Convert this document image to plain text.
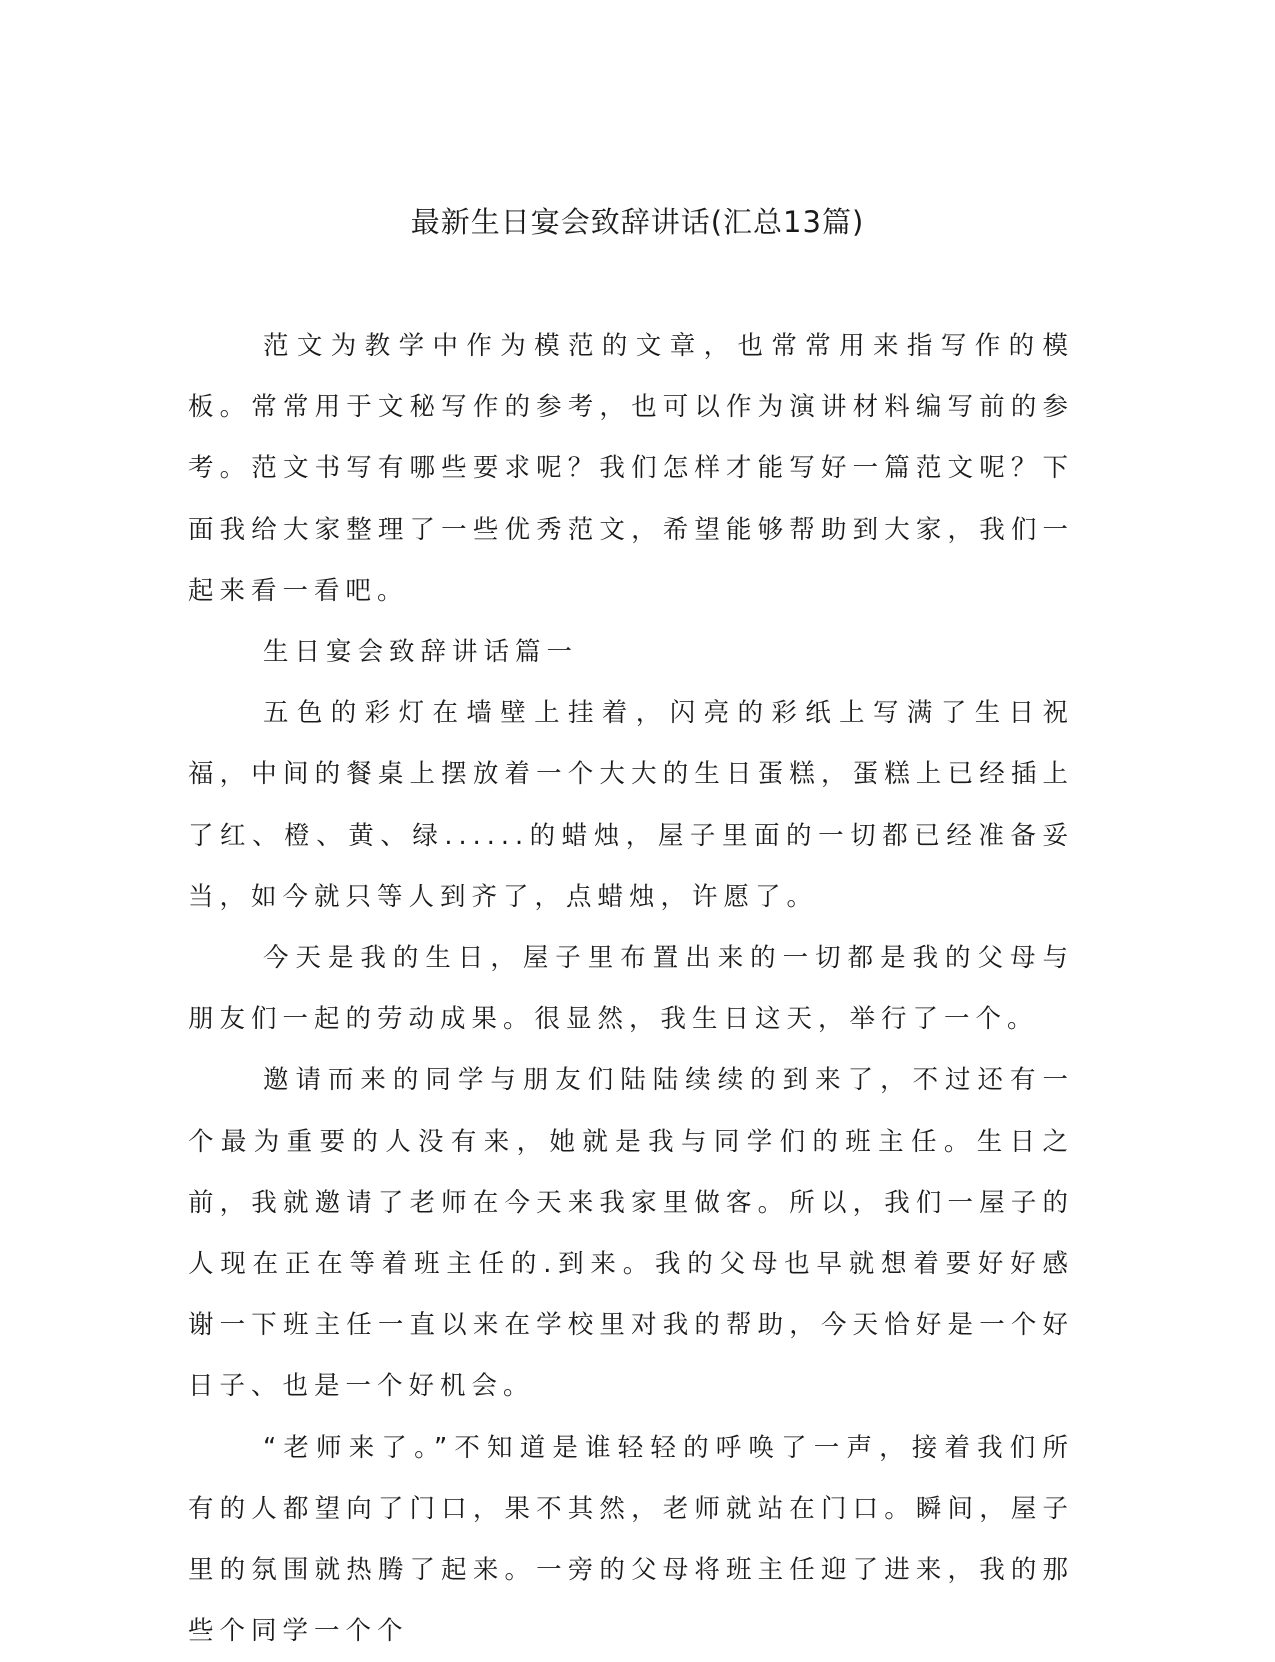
最新生日宴会致辞讲话(汇总13篇)

范文为教学中作为模范的文章，也常常用来指写作的模板。常常用于文秘写作的参考，也可以作为演讲材料编写前的参考。范文书写有哪些要求呢？我们怎样才能写好一篇范文呢？下面我给大家整理了一些优秀范文，希望能够帮助到大家，我们一起来看一看吧。

生日宴会致辞讲话篇一

五色的彩灯在墙壁上挂着，闪亮的彩纸上写满了生日祝福，中间的餐桌上摆放着一个大大的生日蛋糕，蛋糕上已经插上了红、橙、黄、绿......的蜡烛，屋子里面的一切都已经准备妥当，如今就只等人到齐了，点蜡烛，许愿了。

今天是我的生日，屋子里布置出来的一切都是我的父母与朋友们一起的劳动成果。很显然，我生日这天，举行了一个。

邀请而来的同学与朋友们陆陆续续的到来了，不过还有一个最为重要的人没有来，她就是我与同学们的班主任。生日之前，我就邀请了老师在今天来我家里做客。所以，我们一屋子的人现在正在等着班主任的.到来。我的父母也早就想着要好好感谢一下班主任一直以来在学校里对我的帮助，今天恰好是一个好日子、也是一个好机会。

“老师来了。”不知道是谁轻轻的呼唤了一声，接着我们所有的人都望向了门口，果不其然，老师就站在门口。瞬间，屋子里的氛围就热腾了起来。一旁的父母将班主任迎了进来，我的那些个同学一个个
